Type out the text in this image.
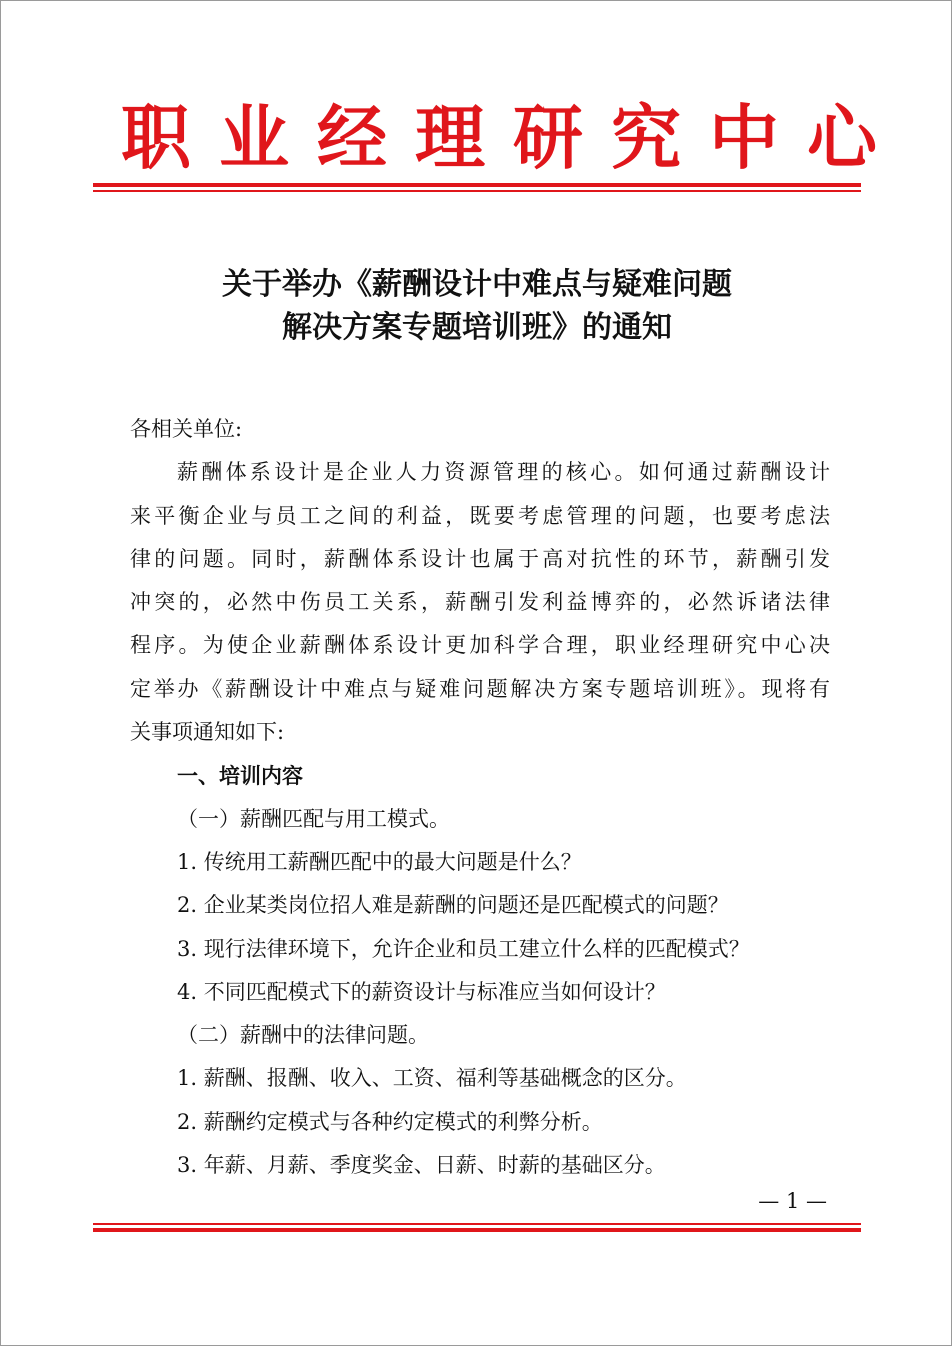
职业经理研究中心
关于举办《薪酬设计中难点与疑难问题
解决方案专题培训班》的通知
各相关单位:
薪酬体系设计是企业人力资源管理的核心。如何通过薪酬设计
来平衡企业与员工之间的利益，既要考虑管理的问题，也要考虑法
律的问题。同时，薪酬体系设计也属于高对抗性的环节，薪酬引发
冲突的，必然中伤员工关系，薪酬引发利益博弈的，必然诉诸法律
程序。为使企业薪酬体系设计更加科学合理，职业经理研究中心决
定举办《薪酬设计中难点与疑难问题解决方案专题培训班》。现将有
关事项通知如下:
一、培训内容
（一）薪酬匹配与用工模式。
1. 传统用工薪酬匹配中的最大问题是什么？
2. 企业某类岗位招人难是薪酬的问题还是匹配模式的问题？
3. 现行法律环境下，允许企业和员工建立什么样的匹配模式？
4. 不同匹配模式下的薪资设计与标准应当如何设计？
（二）薪酬中的法律问题。
1. 薪酬、报酬、收入、工资、福利等基础概念的区分。
2. 薪酬约定模式与各种约定模式的利弊分析。
3. 年薪、月薪、季度奖金、日薪、时薪的基础区分。
— 1 —
